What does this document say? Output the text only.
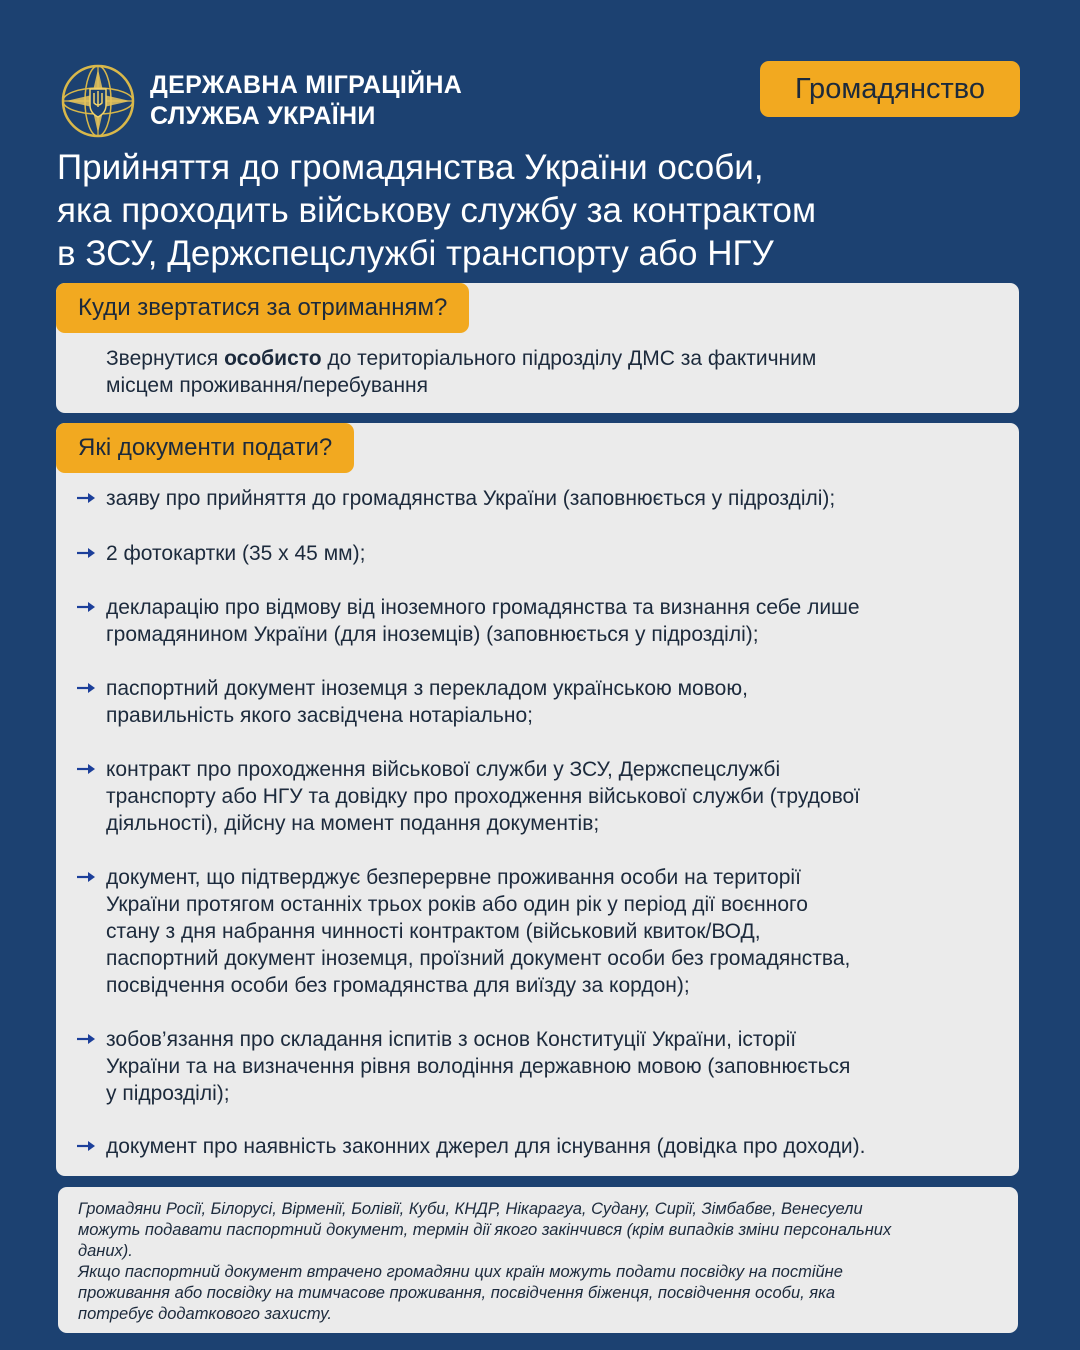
ДЕРЖАВНА МІГРАЦІЙНА
СЛУЖБА УКРАЇНИ
Громадянство
Прийняття до громадянства України особи,
яка проходить військову службу за контрактом
в ЗСУ, Держспецслужбі транспорту або НГУ
Куди звертатися за отриманням?
Звернутися особисто до територіального підрозділу ДМС за фактичним
місцем проживання/перебування
Які документи подати?
заяву про прийняття до громадянства України (заповнюється у підрозділі);
2 фотокартки (35 х 45 мм);
декларацію про відмову від іноземного громадянства та визнання себе лише
громадянином України (для іноземців) (заповнюється у підрозділі);
паспортний документ іноземця з перекладом українською мовою,
правильність якого засвідчена нотаріально;
контракт про проходження військової служби у ЗСУ, Держспецслужбі
транспорту або НГУ та довідку про проходження військової служби (трудової
діяльності), дійсну на момент подання документів;
документ, що підтверджує безперервне проживання особи на території
України протягом останніх трьох років або один рік у період дії воєнного
стану з дня набрання чинності контрактом (військовий квиток/ВОД,
паспортний документ іноземця, проїзний документ особи без громадянства,
посвідчення особи без громадянства для виїзду за кордон);
зобов’язання про складання іспитів з основ Конституції України, історії
України та на визначення рівня володіння державною мовою (заповнюється
у підрозділі);
документ про наявність законних джерел для існування (довідка про доходи).
Громадяни Росії, Білорусі, Вірменії, Болівії, Куби, КНДР, Нікарагуа, Судану, Сирії, Зімбабве, Венесуели
можуть подавати паспортний документ, термін дії якого закінчився (крім випадків зміни персональних
даних).
Якщо паспортний документ втрачено громадяни цих країн можуть подати посвідку на постійне
проживання або посвідку на тимчасове проживання, посвідчення біженця, посвідчення особи, яка
потребує додаткового захисту.
